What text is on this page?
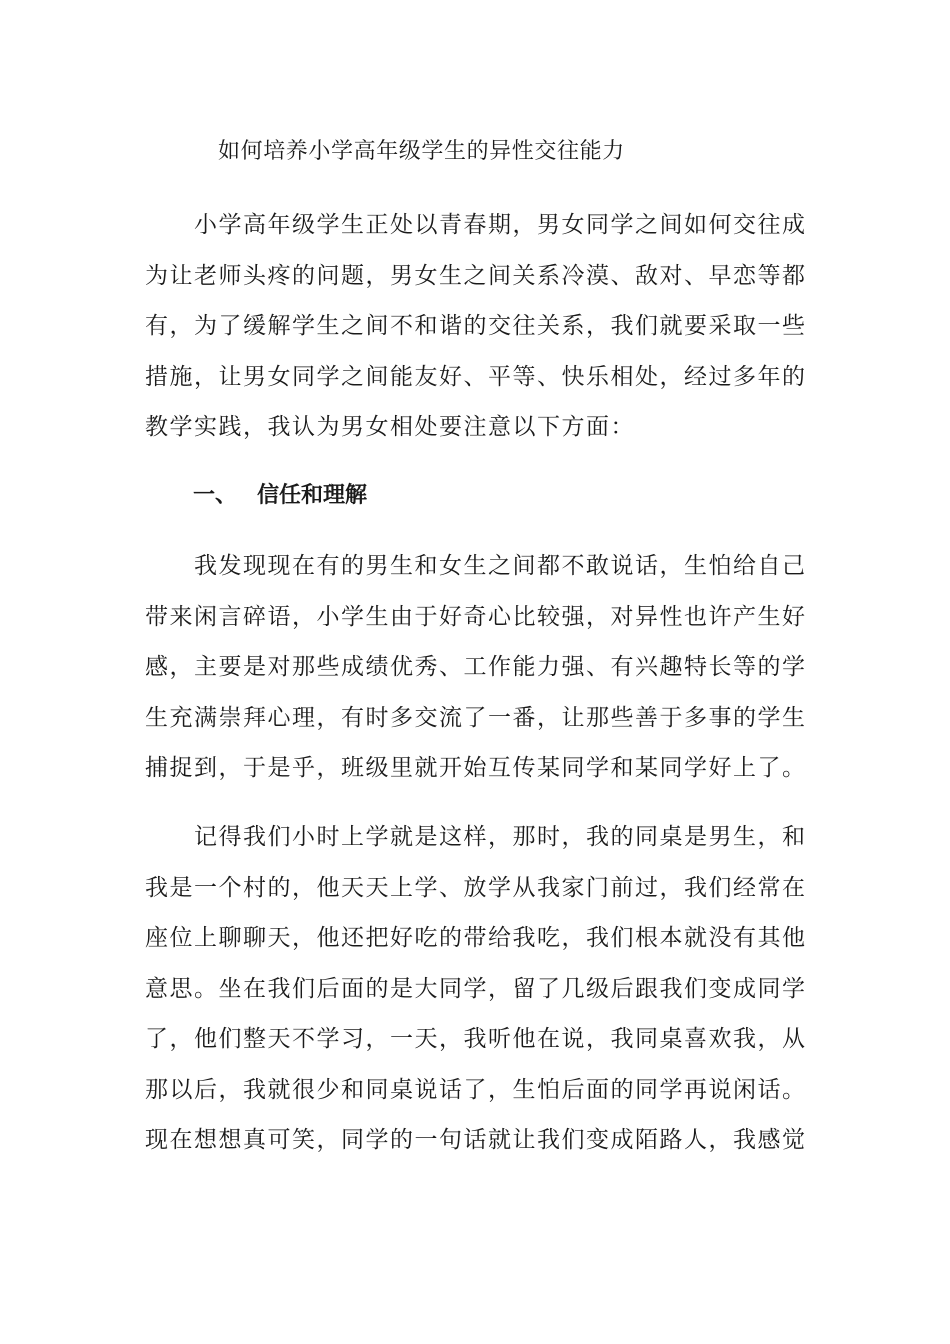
如何培养小学高年级学生的异性交往能力
　　小学高年级学生正处以青春期，男女同学之间如何交往成
为让老师头疼的问题，男女生之间关系冷漠、敌对、早恋等都
有，为了缓解学生之间不和谐的交往关系，我们就要采取一些
措施，让男女同学之间能友好、平等、快乐相处，经过多年的
教学实践，我认为男女相处要注意以下方面：
一、 信任和理解
　　我发现现在有的男生和女生之间都不敢说话，生怕给自己
带来闲言碎语，小学生由于好奇心比较强，对异性也许产生好
感，主要是对那些成绩优秀、工作能力强、有兴趣特长等的学
生充满崇拜心理，有时多交流了一番，让那些善于多事的学生
捕捉到，于是乎，班级里就开始互传某同学和某同学好上了。
　　记得我们小时上学就是这样，那时，我的同桌是男生，和
我是一个村的，他天天上学、放学从我家门前过，我们经常在
座位上聊聊天，他还把好吃的带给我吃，我们根本就没有其他
意思。坐在我们后面的是大同学，留了几级后跟我们变成同学
了，他们整天不学习，一天，我听他在说，我同桌喜欢我，从
那以后，我就很少和同桌说话了，生怕后面的同学再说闲话。
现在想想真可笑，同学的一句话就让我们变成陌路人，我感觉
